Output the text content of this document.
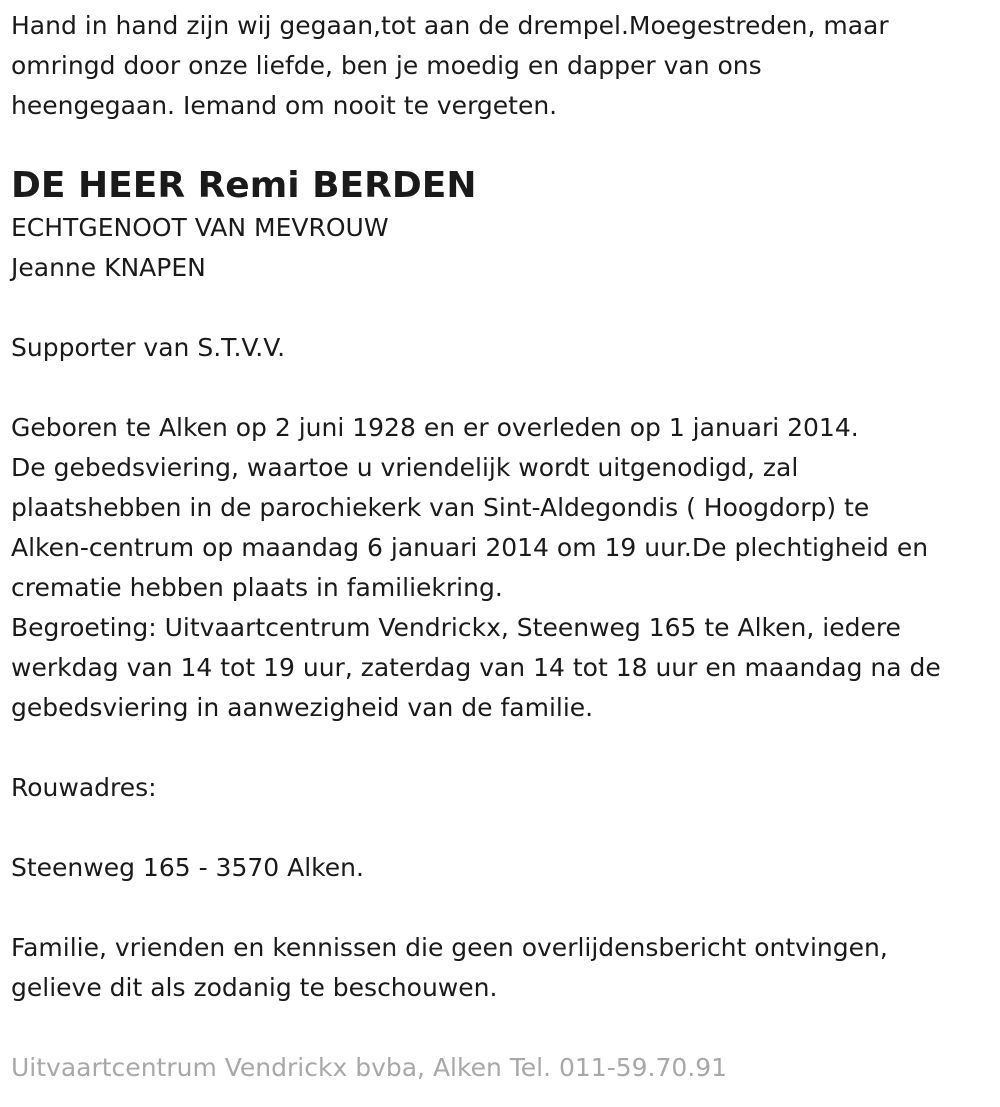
Hand in hand zijn wij gegaan,tot aan de drempel.Moegestreden, maar

omringd door onze liefde, ben je moedig en dapper van ons

heengegaan. Iemand om nooit te vergeten.

DE HEER Remi BERDEN

ECHTGENOOT VAN MEVROUW

Jeanne KNAPEN

Supporter van S.T.V.V.

Geboren te Alken op 2 juni 1928 en er overleden op 1 januari 2014.

De gebedsviering, waartoe u vriendelijk wordt uitgenodigd, zal

plaatshebben in de parochiekerk van Sint-Aldegondis ( Hoogdorp) te

Alken-centrum op maandag 6 januari 2014 om 19 uur.De plechtigheid en

crematie hebben plaats in familiekring.

Begroeting: Uitvaartcentrum Vendrickx, Steenweg 165 te Alken, iedere

werkdag van 14 tot 19 uur, zaterdag van 14 tot 18 uur en maandag na de

gebedsviering in aanwezigheid van de familie.

Rouwadres:

Steenweg 165 - 3570 Alken.

Familie, vrienden en kennissen die geen overlijdensbericht ontvingen,

gelieve dit als zodanig te beschouwen.

Uitvaartcentrum Vendrickx bvba, Alken Tel. 011-59.70.91
